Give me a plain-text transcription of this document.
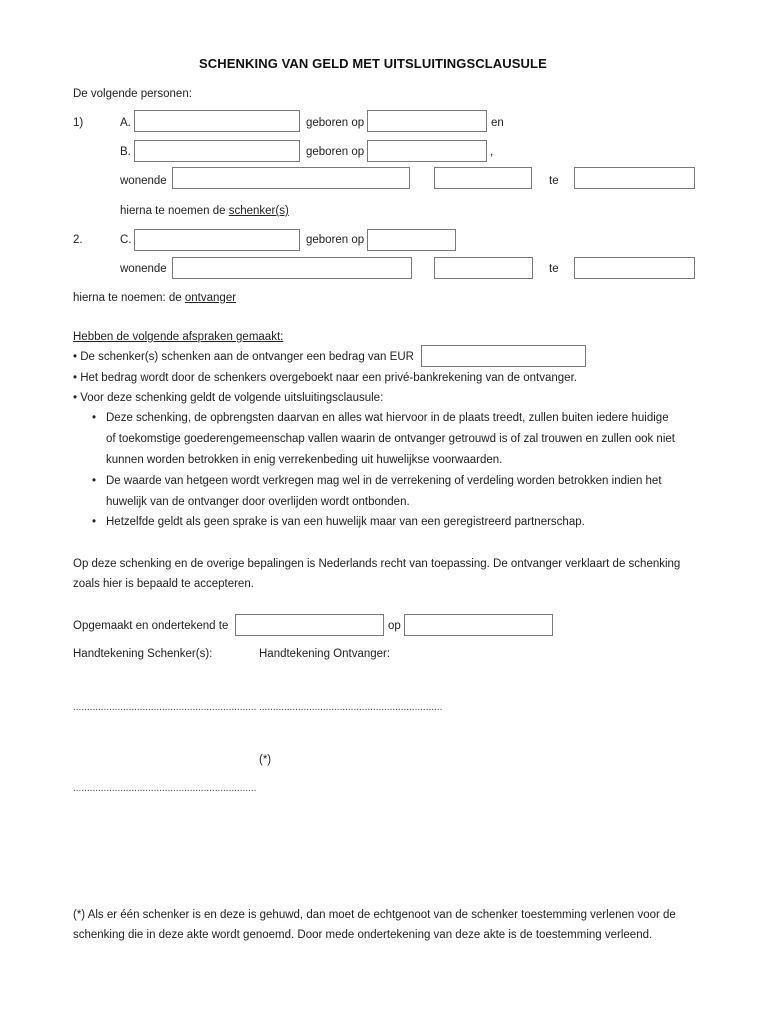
SCHENKING VAN GELD MET UITSLUITINGSCLAUSULE
De volgende personen:
1)	A.	geboren op	en
B.	geboren op	,
wonende	te
hierna te noemen de schenker(s)
2.	C.	geboren op
wonende	te
hierna te noemen: de ontvanger
Hebben de volgende afspraken gemaakt:
• De schenker(s) schenken aan de ontvanger een bedrag van EUR
• Het bedrag wordt door de schenkers overgeboekt naar een privé-bankrekening van de ontvanger.
• Voor deze schenking geldt de volgende uitsluitingsclausule:
• Deze schenking, de opbrengsten daarvan en alles wat hiervoor in de plaats treedt, zullen buiten iedere huidige
of toekomstige goederengemeenschap vallen waarin de ontvanger getrouwd is of zal trouwen en zullen ook niet
kunnen worden betrokken in enig verrekenbeding uit huwelijkse voorwaarden.
• De waarde van hetgeen wordt verkregen mag wel in de verrekening of verdeling worden betrokken indien het
huwelijk van de ontvanger door overlijden wordt ontbonden.
• Hetzelfde geldt als geen sprake is van een huwelijk maar van een geregistreerd partnerschap.
Op deze schenking en de overige bepalingen is Nederlands recht van toepassing. De ontvanger verklaart de schenking
zoals hier is bepaald te accepteren.
Opgemaakt en ondertekend te	op
Handtekening Schenker(s):	Handtekening Ontvanger:
.................................................................. ..................................................................
(*)
..................................................................
(*) Als er één schenker is en deze is gehuwd, dan moet de echtgenoot van de schenker toestemming verlenen voor de
schenking die in deze akte wordt genoemd. Door mede ondertekening van deze akte is de toestemming verleend.
